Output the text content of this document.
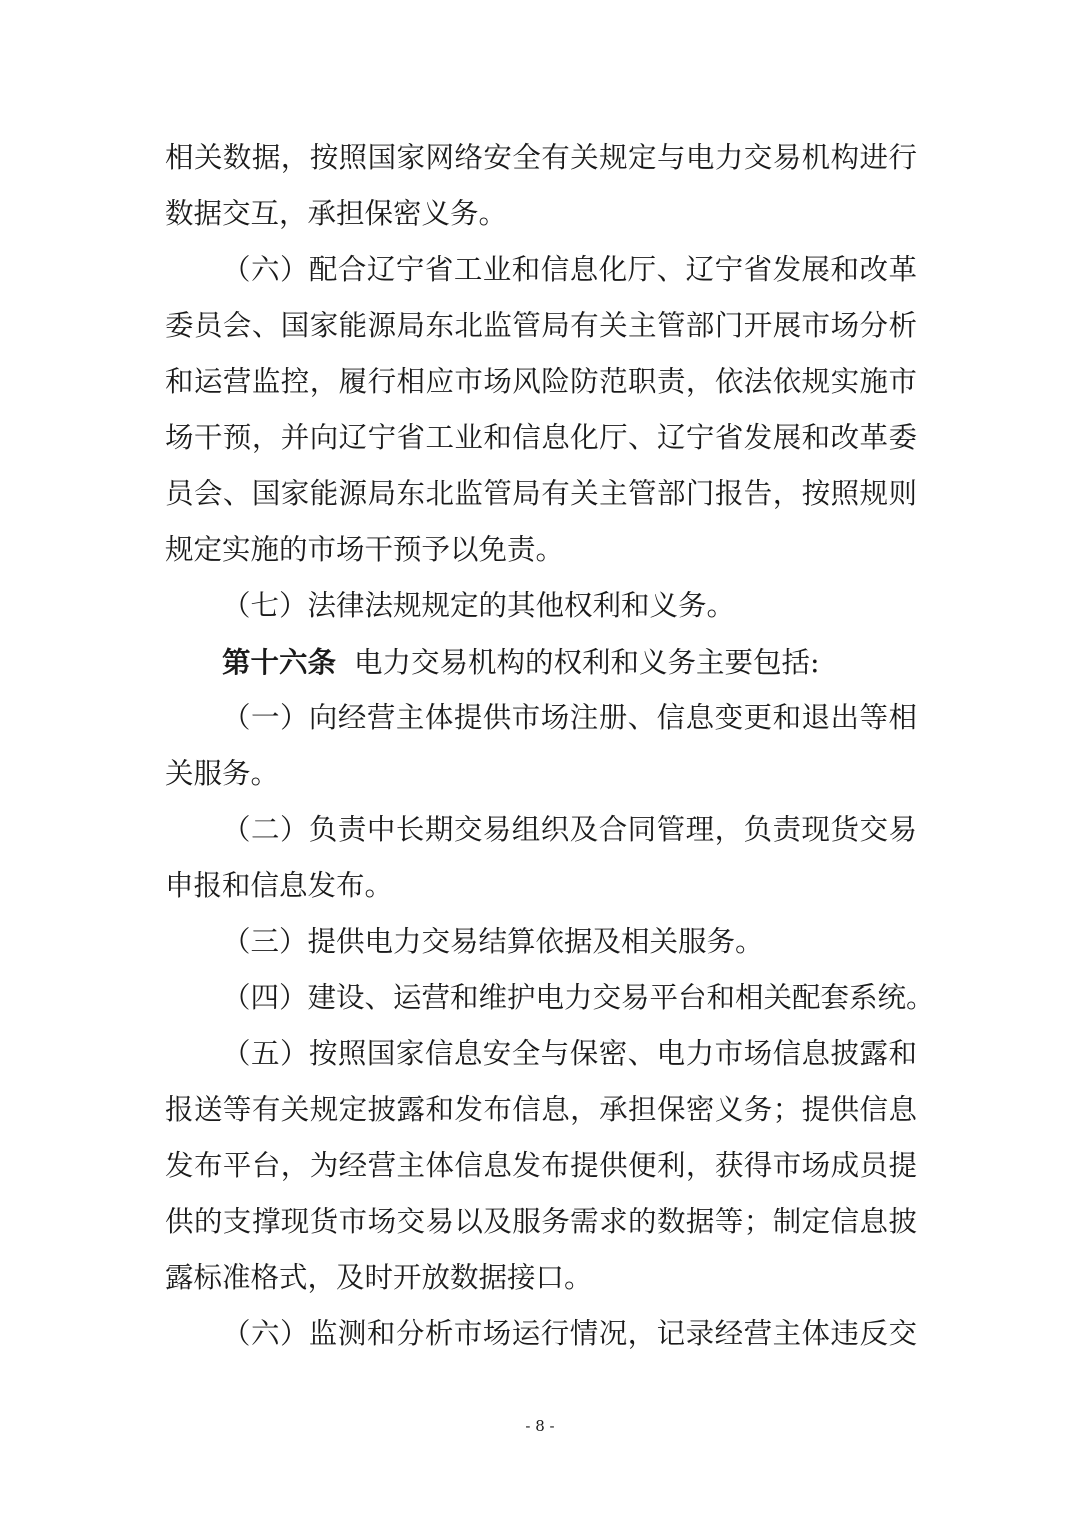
相关数据，按照国家网络安全有关规定与电力交易机构进行
数据交互，承担保密义务。
（六）配合辽宁省工业和信息化厅、辽宁省发展和改革
委员会、国家能源局东北监管局有关主管部门开展市场分析
和运营监控，履行相应市场风险防范职责，依法依规实施市
场干预，并向辽宁省工业和信息化厅、辽宁省发展和改革委
员会、国家能源局东北监管局有关主管部门报告，按照规则
规定实施的市场干预予以免责。
（七）法律法规规定的其他权利和义务。
第十六条 电力交易机构的权利和义务主要包括:
（一）向经营主体提供市场注册、信息变更和退出等相
关服务。
（二）负责中长期交易组织及合同管理，负责现货交易
申报和信息发布。
（三）提供电力交易结算依据及相关服务。
（四）建设、运营和维护电力交易平台和相关配套系统。
（五）按照国家信息安全与保密、电力市场信息披露和
报送等有关规定披露和发布信息，承担保密义务；提供信息
发布平台，为经营主体信息发布提供便利，获得市场成员提
供的支撑现货市场交易以及服务需求的数据等；制定信息披
露标准格式，及时开放数据接口。
（六）监测和分析市场运行情况，记录经营主体违反交
- 8 -
